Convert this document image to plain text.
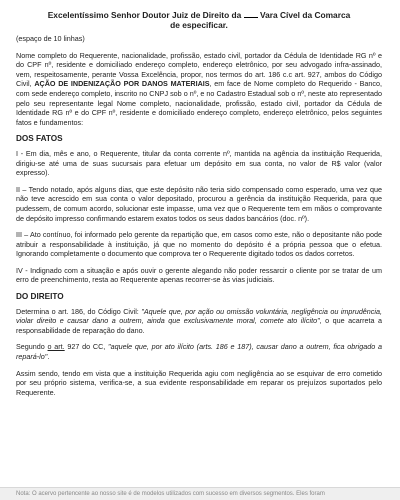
Excelentíssimo Senhor Doutor Juiz de Direito da Vara Cível da Comarca
de especificar.
(espaço de 10 linhas)
Nome completo do Requerente, nacionalidade, profissão, estado civil, portador da Cédula de Identidade RG nº e do CPF nº, residente e domiciliado endereço completo, endereço eletrônico, por seu advogado infra-assinado, vem, respeitosamente, perante Vossa Excelência, propor, nos termos do art. 186 c.c art. 927, ambos do Código Civil, AÇÃO DE INDENIZAÇÃO POR DANOS MATERIAIS, em face de Nome completo do Requerido - Banco, com sede endereço completo, inscrito no CNPJ sob o nº, e no Cadastro Estadual sob o nº, neste ato representado pelo seu representante legal Nome completo, nacionalidade, profissão, estado civil, portador da Cédula de Identidade RG nº e do CPF nº, residente e domiciliado endereço completo, endereço eletrônico, pelos seguintes fatos e fundamentos:
DOS FATOS
I - Em dia, mês e ano, o Requerente, titular da conta corrente nº, mantida na agência da instituição Requerida, dirigiu-se até uma de suas sucursais para efetuar um depósito em sua conta, no valor de R$ valor (valor expresso).
II – Tendo notado, após alguns dias, que este depósito não teria sido compensado como esperado, uma vez que não teve acrescido em sua conta o valor depositado, procurou a gerência da instituição Requerida, para que pudessem, de comum acordo, solucionar este impasse, uma vez que o Requerente tem em mãos o comprovante de depósito impresso confirmando estarem exatos todos os seus dados bancários (doc. nº).
III – Ato contínuo, foi informado pelo gerente da repartição que, em casos como este, não o depositante não pode atribuir a responsabilidade à instituição, já que no momento do depósito é a própria pessoa que o efetua. Ignorando completamente o documento que comprova ter o Requerente digitado todos os dados corretos.
IV - Indignado com a situação e após ouvir o gerente alegando não poder ressarcir o cliente por se tratar de um erro de preenchimento, resta ao Requerente apenas recorrer-se às vias judiciais.
DO DIREITO
Determina o art. 186, do Código Civil: "Aquele que, por ação ou omissão voluntária, negligência ou imprudência, violar direito e causar dano a outrem, ainda que exclusivamente moral, comete ato ilícito", o que acarreta a responsabilidade de reparação do dano.
Segundo o art. 927 do CC, "aquele que, por ato ilícito (arts. 186 e 187), causar dano a outrem, fica obrigado a repará-lo".
Assim sendo, tendo em vista que a instituição Requerida agiu com negligência ao se esquivar de erro cometido por seu próprio sistema, verifica-se, a sua evidente responsabilidade em reparar os prejuízos suportados pelo Requerente.
Nota: O acervo pertencente ao nosso site é de modelos utilizados com sucesso em diversos segmentos. Eles foram
